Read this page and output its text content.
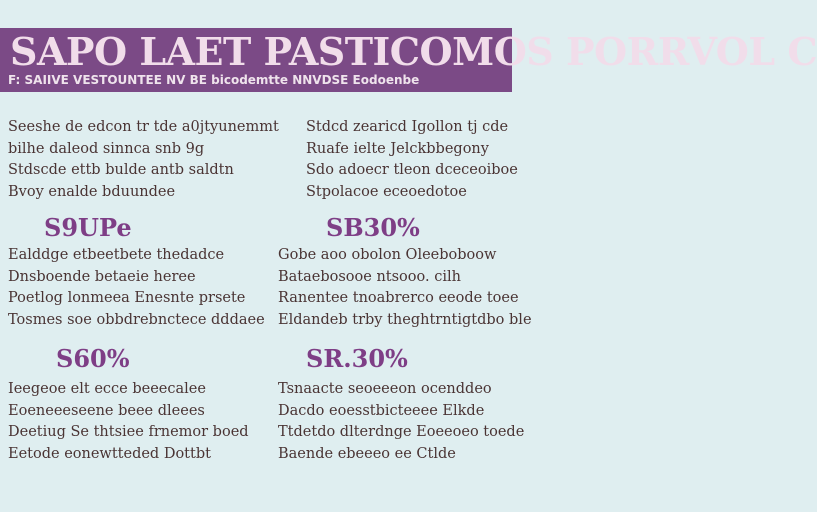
SAPO LAET PASTICOMOS PORRVOL C
F: SAIIVE VESTOUNTEE NV BE bicodemtte NNVDSE Eodoenbe
Seeshe de edcon tr tde a0jtyunemmt
bilhe daleod sinnca snb 9g
Stdscde ettb bulde antb saldtn
Bvoy enalde bduundee
Stdcd zearicd Igollon tj cde
Ruafe ielte Jelckbbegony
Sdo adoecr tleon dceceoiboe
Stpolacoe eceoedotoe
S9UPe
Ealddge etbeetbete thedadce
Dnsboende betaeie heree
Poetlog lonmeea Enesnte prsete
Tosmes soe obbdrebnctece dddaee
SB30%
Gobe aoo obolon Oleeboboow
Bataebosooe ntsooo. cilh
Ranentee tnoabrerco eeode toee
Eldandeb trby theghtrntigtdbo ble
S60%
Ieegeoe elt ecce beeecalee
Eoeneeeseene beee dleees
Deetiug Se thtsiee frnemor boed
Eetode eonewtteded Dottbt
SR.30%
Tsnaacte seoeeeon ocenddeo
Dacdo eoesstbicteeee Elkde
Ttdetdo dlterdnge Eoeeoeo toede
Baende ebeeeo ee Ctlde
